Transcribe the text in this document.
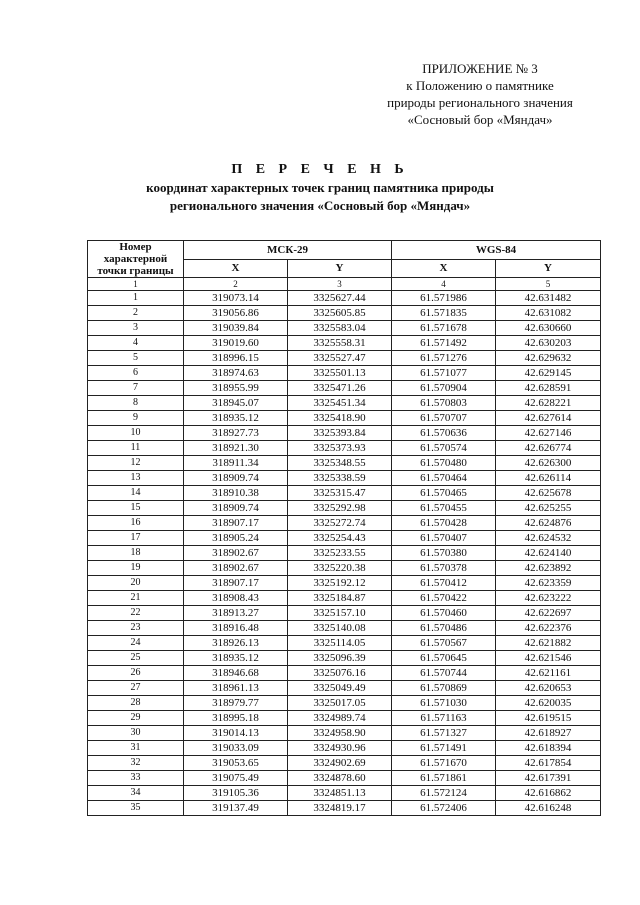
ПРИЛОЖЕНИЕ № 3
к Положению о памятнике
природы регионального значения
«Сосновый бор «Мяндач»
П Е Р Е Ч Е Н Ь
координат характерных точек границ памятника природы
регионального значения «Сосновый бор «Мяндач»
Номер характерной точки границы	МСК-29		WGS-84	
	X	Y	X	Y
1	2	3	4	5
1	319073.14	3325627.44	61.571986	42.631482
2	319056.86	3325605.85	61.571835	42.631082
3	319039.84	3325583.04	61.571678	42.630660
4	319019.60	3325558.31	61.571492	42.630203
5	318996.15	3325527.47	61.571276	42.629632
6	318974.63	3325501.13	61.571077	42.629145
7	318955.99	3325471.26	61.570904	42.628591
8	318945.07	3325451.34	61.570803	42.628221
9	318935.12	3325418.90	61.570707	42.627614
10	318927.73	3325393.84	61.570636	42.627146
11	318921.30	3325373.93	61.570574	42.626774
12	318911.34	3325348.55	61.570480	42.626300
13	318909.74	3325338.59	61.570464	42.626114
14	318910.38	3325315.47	61.570465	42.625678
15	318909.74	3325292.98	61.570455	42.625255
16	318907.17	3325272.74	61.570428	42.624876
17	318905.24	3325254.43	61.570407	42.624532
18	318902.67	3325233.55	61.570380	42.624140
19	318902.67	3325220.38	61.570378	42.623892
20	318907.17	3325192.12	61.570412	42.623359
21	318908.43	3325184.87	61.570422	42.623222
22	318913.27	3325157.10	61.570460	42.622697
23	318916.48	3325140.08	61.570486	42.622376
24	318926.13	3325114.05	61.570567	42.621882
25	318935.12	3325096.39	61.570645	42.621546
26	318946.68	3325076.16	61.570744	42.621161
27	318961.13	3325049.49	61.570869	42.620653
28	318979.77	3325017.05	61.571030	42.620035
29	318995.18	3324989.74	61.571163	42.619515
30	319014.13	3324958.90	61.571327	42.618927
31	319033.09	3324930.96	61.571491	42.618394
32	319053.65	3324902.69	61.571670	42.617854
33	319075.49	3324878.60	61.571861	42.617391
34	319105.36	3324851.13	61.572124	42.616862
35	319137.49	3324819.17	61.572406	42.616248
